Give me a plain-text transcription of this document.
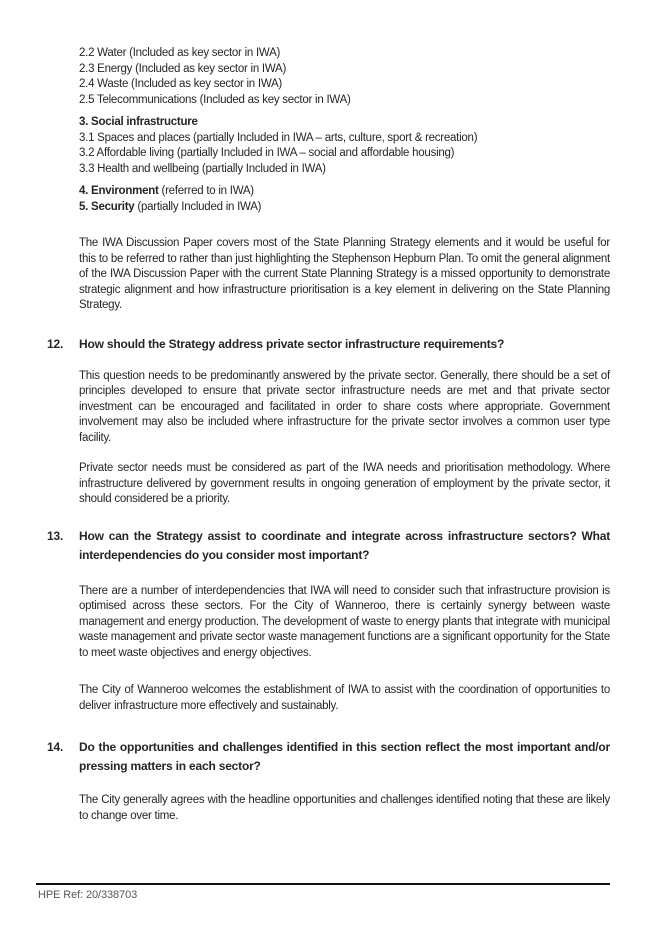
2.2 Water (Included as key sector in IWA)
2.3 Energy (Included as key sector in IWA)
2.4 Waste (Included as key sector in IWA)
2.5 Telecommunications (Included as key sector in IWA)
3. Social infrastructure
3.1 Spaces and places (partially Included in IWA – arts, culture, sport & recreation)
3.2 Affordable living (partially Included in IWA – social and affordable housing)
3.3 Health and wellbeing (partially Included in IWA)
4. Environment (referred to in IWA)
5. Security (partially Included in IWA)
The IWA Discussion Paper covers most of the State Planning Strategy elements and it would be useful for this to be referred to rather than just highlighting the Stephenson Hepburn Plan. To omit the general alignment of the IWA Discussion Paper with the current State Planning Strategy is a missed opportunity to demonstrate strategic alignment and how infrastructure prioritisation is a key element in delivering on the State Planning Strategy.
12.	How should the Strategy address private sector infrastructure requirements?
This question needs to be predominantly answered by the private sector. Generally, there should be a set of principles developed to ensure that private sector infrastructure needs are met and that private sector investment can be encouraged and facilitated in order to share costs where appropriate. Government involvement may also be included where infrastructure for the private sector involves a common user type facility.
Private sector needs must be considered as part of the IWA needs and prioritisation methodology. Where infrastructure delivered by government results in ongoing generation of employment by the private sector, it should considered be a priority.
13.	How can the Strategy assist to coordinate and integrate across infrastructure sectors? What interdependencies do you consider most important?
There are a number of interdependencies that IWA will need to consider such that infrastructure provision is optimised across these sectors. For the City of Wanneroo, there is certainly synergy between waste management and energy production. The development of waste to energy plants that integrate with municipal waste management and private sector waste management functions are a significant opportunity for the State to meet waste objectives and energy objectives.
The City of Wanneroo welcomes the establishment of IWA to assist with the coordination of opportunities to deliver infrastructure more effectively and sustainably.
14.	Do the opportunities and challenges identified in this section reflect the most important and/or pressing matters in each sector?
The City generally agrees with the headline opportunities and challenges identified noting that these are likely to change over time.
HPE Ref: 20/338703
